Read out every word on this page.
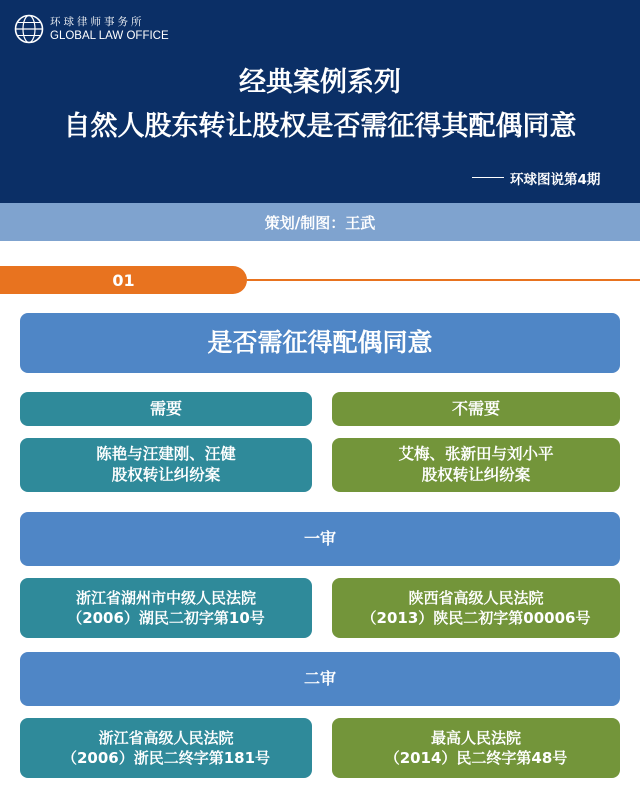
环球律师事务所
GLOBAL LAW OFFICE
经典案例系列
自然人股东转让股权是否需征得其配偶同意
环球图说第4期
策划/制图：王武
01
是否需征得配偶同意
需要	不需要
陈艳与汪建刚、汪健
股权转让纠纷案
艾梅、张新田与刘小平
股权转让纠纷案
一审
浙江省湖州市中级人民法院
（2006）湖民二初字第10号
陕西省高级人民法院
（2013）陕民二初字第00006号
二审
浙江省高级人民法院
（2006）浙民二终字第181号
最高人民法院
（2014）民二终字第48号
